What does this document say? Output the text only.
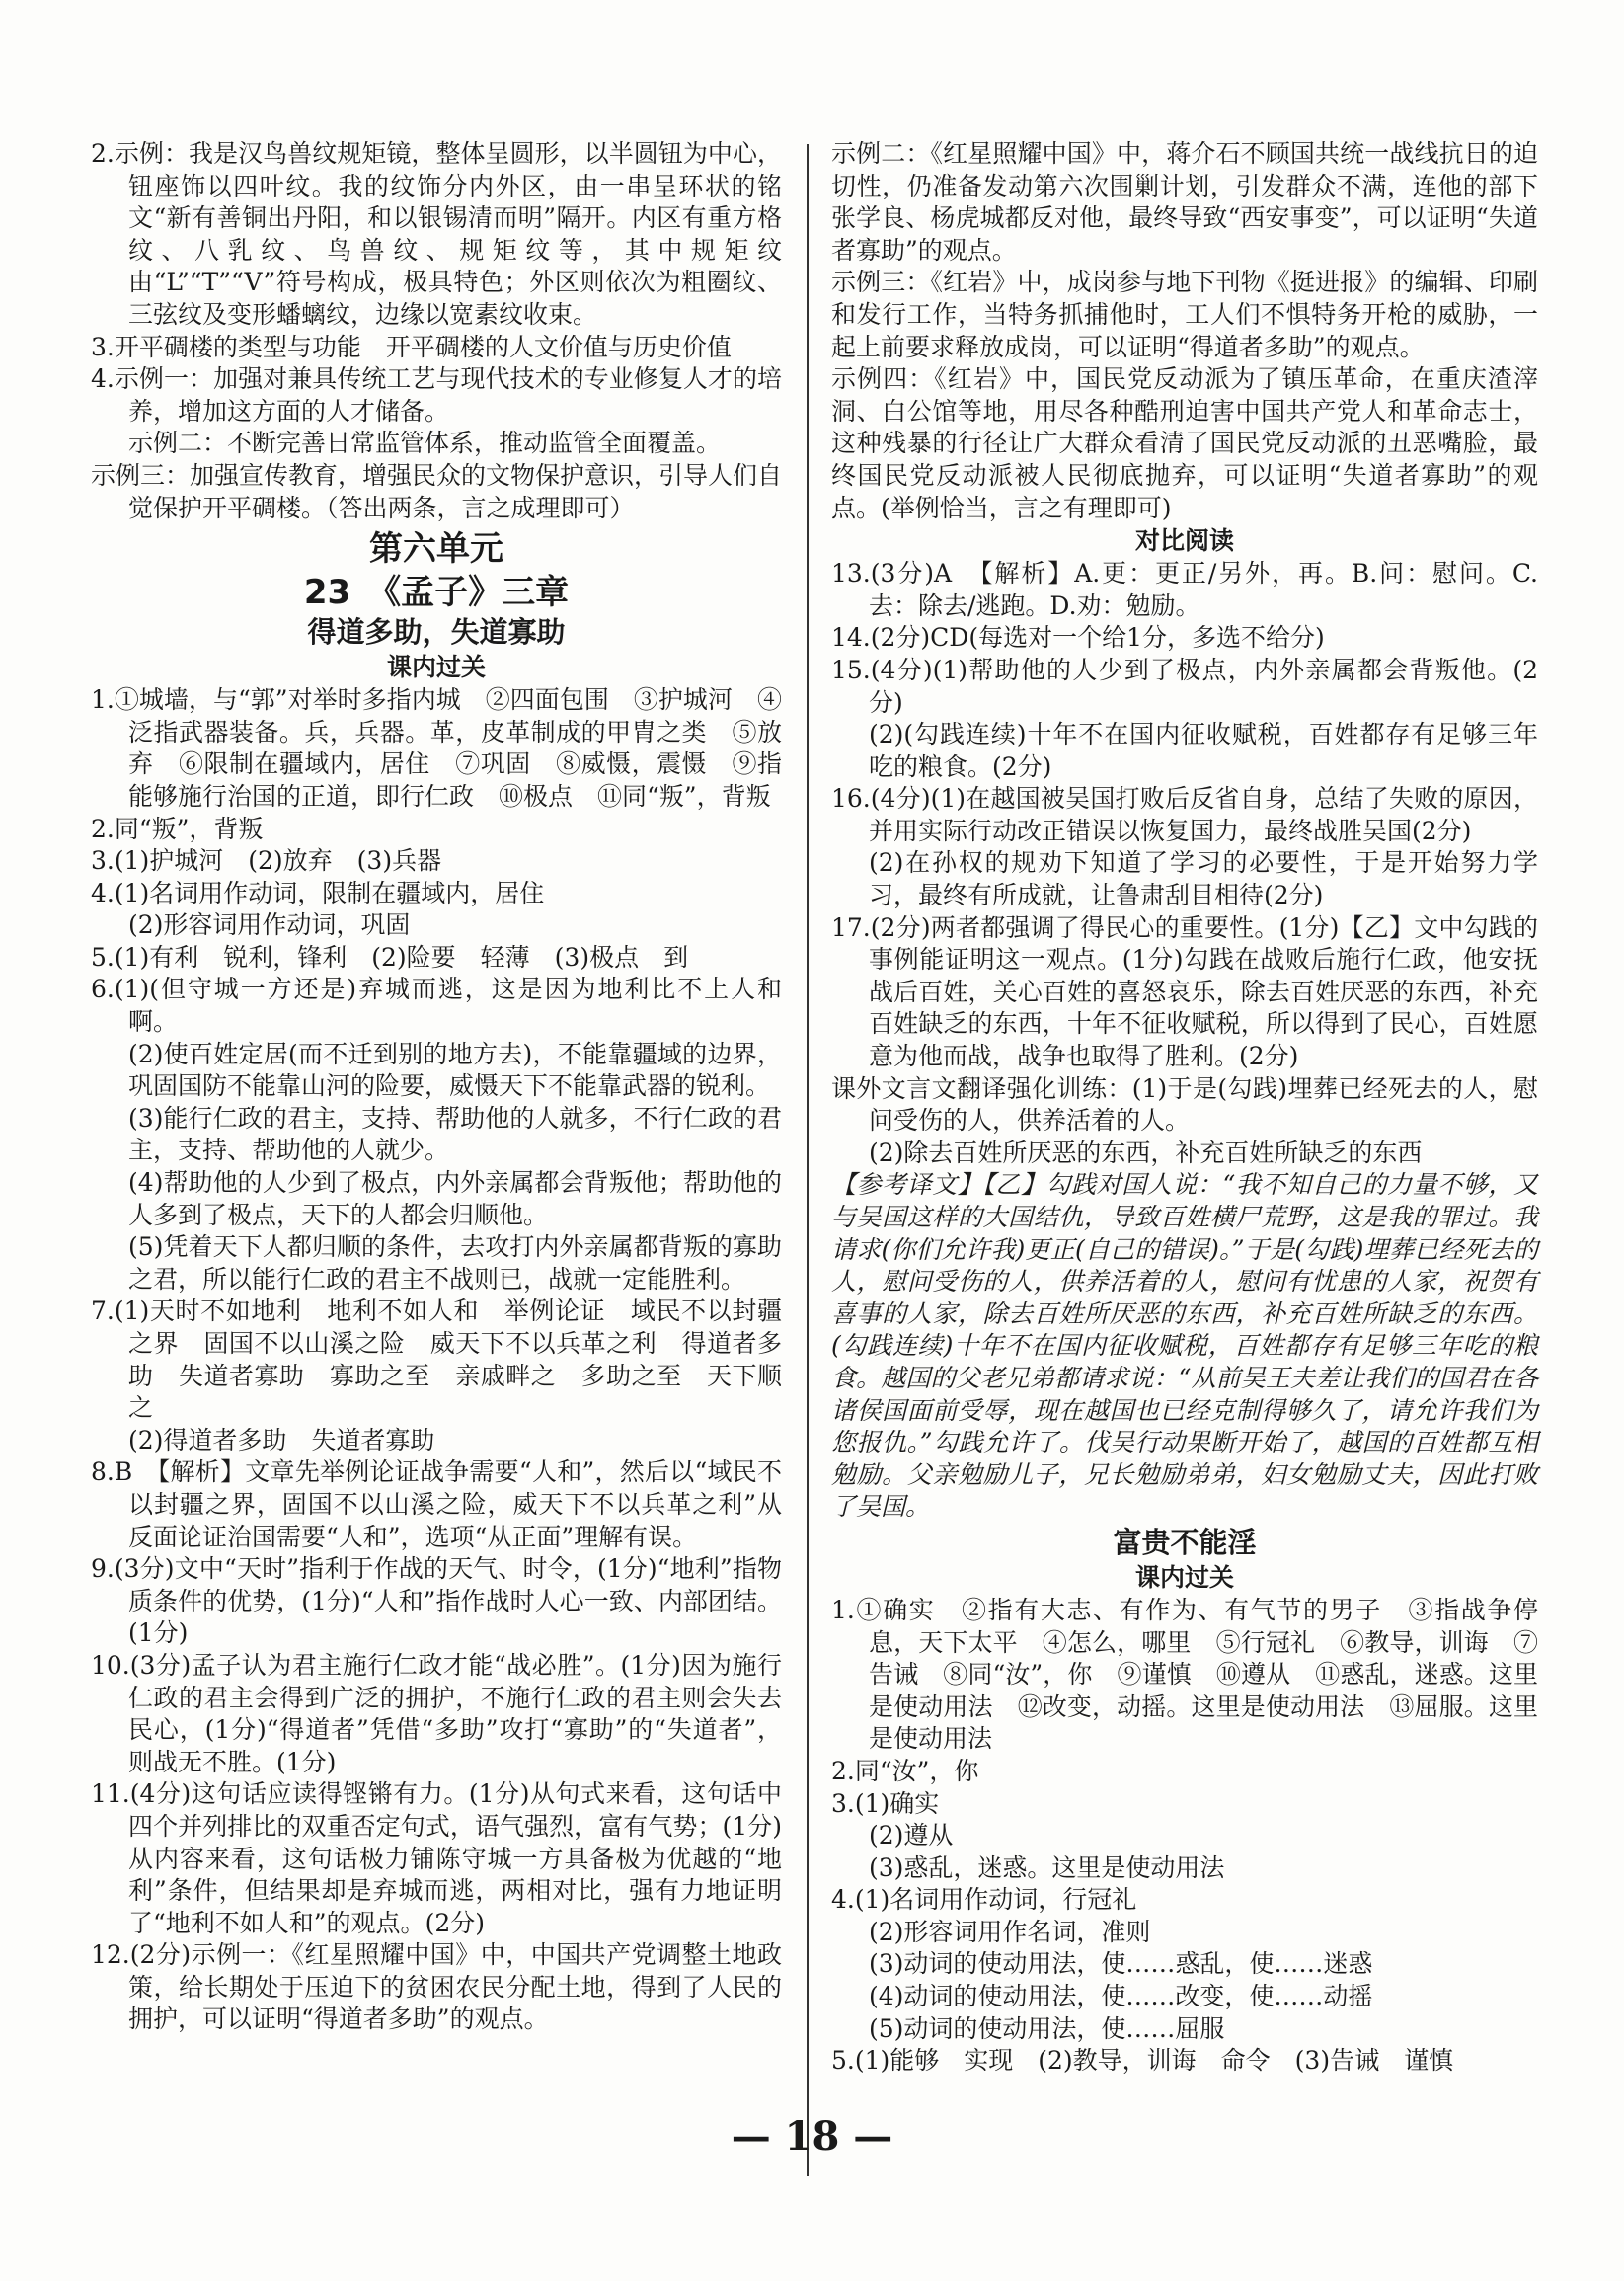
2.示例：我是汉鸟兽纹规矩镜，整体呈圆形，以半圆钮为中心，钮座饰以四叶纹。我的纹饰分内外区，由一串呈环状的铭文“新有善铜出丹阳，和以银锡清而明”隔开。内区有重方格纹、八乳纹、鸟兽纹、规矩纹等，其中规矩纹由“L”“T”“V”符号构成，极具特色；外区则依次为粗圈纹、三弦纹及变形蟠螭纹，边缘以宽素纹收束。
3.开平碉楼的类型与功能　开平碉楼的人文价值与历史价值
4.示例一：加强对兼具传统工艺与现代技术的专业修复人才的培养，增加这方面的人才储备。
示例二：不断完善日常监管体系，推动监管全面覆盖。
示例三：加强宣传教育，增强民众的文物保护意识，引导人们自觉保护开平碉楼。（答出两条，言之成理即可）
第六单元
23　《孟子》三章
得道多助，失道寡助
课内过关
1.①城墙，与“郭”对举时多指内城　②四面包围　③护城河　④泛指武器装备。兵，兵器。革，皮革制成的甲胄之类　⑤放弃　⑥限制在疆域内，居住　⑦巩固　⑧威慑，震慑　⑨指能够施行治国的正道，即行仁政　⑩极点　⑪同“叛”，背叛
2.同“叛”，背叛
3.(1)护城河　(2)放弃　(3)兵器
4.(1)名词用作动词，限制在疆域内，居住
(2)形容词用作动词，巩固
5.(1)有利　锐利，锋利　(2)险要　轻薄　(3)极点　到
6.(1)(但守城一方还是)弃城而逃，这是因为地利比不上人和啊。
(2)使百姓定居(而不迁到别的地方去)，不能靠疆域的边界，巩固国防不能靠山河的险要，威慑天下不能靠武器的锐利。
(3)能行仁政的君主，支持、帮助他的人就多，不行仁政的君主，支持、帮助他的人就少。
(4)帮助他的人少到了极点，内外亲属都会背叛他；帮助他的人多到了极点，天下的人都会归顺他。
(5)凭着天下人都归顺的条件，去攻打内外亲属都背叛的寡助之君，所以能行仁政的君主不战则已，战就一定能胜利。
7.(1)天时不如地利　地利不如人和　举例论证　域民不以封疆之界　固国不以山溪之险　威天下不以兵革之利　得道者多助　失道者寡助　寡助之至　亲戚畔之　多助之至　天下顺之
(2)得道者多助　失道者寡助
8.B　【解析】文章先举例论证战争需要“人和”，然后以“域民不以封疆之界，固国不以山溪之险，威天下不以兵革之利”从反面论证治国需要“人和”，选项“从正面”理解有误。
9.(3分)文中“天时”指利于作战的天气、时令，(1分)“地利”指物质条件的优势，(1分)“人和”指作战时人心一致、内部团结。(1分)
10.(3分)孟子认为君主施行仁政才能“战必胜”。(1分)因为施行仁政的君主会得到广泛的拥护，不施行仁政的君主则会失去民心，(1分)“得道者”凭借“多助”攻打“寡助”的“失道者”，则战无不胜。(1分)
11.(4分)这句话应读得铿锵有力。(1分)从句式来看，这句话中四个并列排比的双重否定句式，语气强烈，富有气势；(1分)从内容来看，这句话极力铺陈守城一方具备极为优越的“地利”条件，但结果却是弃城而逃，两相对比，强有力地证明了“地利不如人和”的观点。(2分)
12.(2分)示例一：《红星照耀中国》中，中国共产党调整土地政策，给长期处于压迫下的贫困农民分配土地，得到了人民的拥护，可以证明“得道者多助”的观点。
示例二：《红星照耀中国》中，蒋介石不顾国共统一战线抗日的迫切性，仍准备发动第六次围剿计划，引发群众不满，连他的部下张学良、杨虎城都反对他，最终导致“西安事变”，可以证明“失道者寡助”的观点。
示例三：《红岩》中，成岗参与地下刊物《挺进报》的编辑、印刷和发行工作，当特务抓捕他时，工人们不惧特务开枪的威胁，一起上前要求释放成岗，可以证明“得道者多助”的观点。
示例四：《红岩》中，国民党反动派为了镇压革命，在重庆渣滓洞、白公馆等地，用尽各种酷刑迫害中国共产党人和革命志士，这种残暴的行径让广大群众看清了国民党反动派的丑恶嘴脸，最终国民党反动派被人民彻底抛弃，可以证明“失道者寡助”的观点。(举例恰当，言之有理即可)
对比阅读
13.(3分)A　【解析】A.更：更正/另外，再。B.问：慰问。C.去：除去/逃跑。D.劝：勉励。
14.(2分)CD(每选对一个给1分，多选不给分)
15.(4分)(1)帮助他的人少到了极点，内外亲属都会背叛他。(2分)
(2)(勾践连续)十年不在国内征收赋税，百姓都存有足够三年吃的粮食。(2分)
16.(4分)(1)在越国被吴国打败后反省自身，总结了失败的原因，并用实际行动改正错误以恢复国力，最终战胜吴国(2分)
(2)在孙权的规劝下知道了学习的必要性，于是开始努力学习，最终有所成就，让鲁肃刮目相待(2分)
17.(2分)两者都强调了得民心的重要性。(1分)【乙】文中勾践的事例能证明这一观点。(1分)勾践在战败后施行仁政，他安抚战后百姓，关心百姓的喜怒哀乐，除去百姓厌恶的东西，补充百姓缺乏的东西，十年不征收赋税，所以得到了民心，百姓愿意为他而战，战争也取得了胜利。(2分)
课外文言文翻译强化训练：(1)于是(勾践)埋葬已经死去的人，慰问受伤的人，供养活着的人。
(2)除去百姓所厌恶的东西，补充百姓所缺乏的东西
【参考译文】【乙】勾践对国人说：“我不知自己的力量不够，又与吴国这样的大国结仇，导致百姓横尸荒野，这是我的罪过。我请求(你们允许我)更正(自己的错误)。”于是(勾践)埋葬已经死去的人，慰问受伤的人，供养活着的人，慰问有忧患的人家，祝贺有喜事的人家，除去百姓所厌恶的东西，补充百姓所缺乏的东西。(勾践连续)十年不在国内征收赋税，百姓都存有足够三年吃的粮食。越国的父老兄弟都请求说：“从前吴王夫差让我们的国君在各诸侯国面前受辱，现在越国也已经克制得够久了，请允许我们为您报仇。”勾践允许了。伐吴行动果断开始了，越国的百姓都互相勉励。父亲勉励儿子，兄长勉励弟弟，妇女勉励丈夫，因此打败了吴国。
富贵不能淫
课内过关
1.①确实　②指有大志、有作为、有气节的男子　③指战争停息，天下太平　④怎么，哪里　⑤行冠礼　⑥教导，训诲　⑦告诫　⑧同“汝”，你　⑨谨慎　⑩遵从　⑪惑乱，迷惑。这里是使动用法　⑫改变，动摇。这里是使动用法　⑬屈服。这里是使动用法
2.同“汝”，你
3.(1)确实
(2)遵从
(3)惑乱，迷惑。这里是使动用法
4.(1)名词用作动词，行冠礼
(2)形容词用作名词，准则
(3)动词的使动用法，使……惑乱，使……迷惑
(4)动词的使动用法，使……改变，使……动摇
(5)动词的使动用法，使……屈服
5.(1)能够　实现　(2)教导，训诲　命令　(3)告诫　谨慎
— 18 —
